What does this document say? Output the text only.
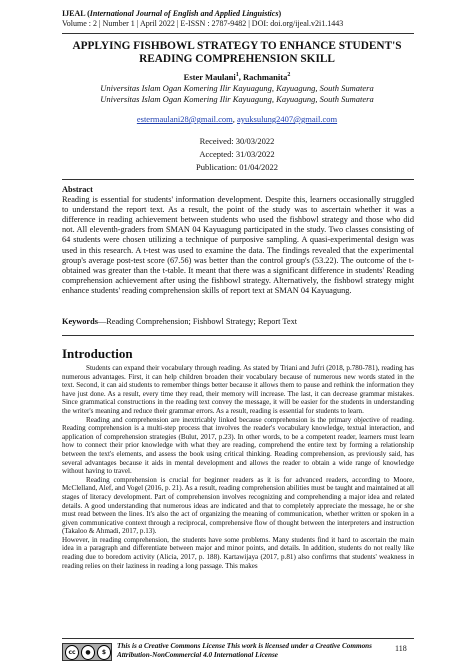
IJEAL (International Journal of English and Applied Linguistics)
Volume : 2 | Number 1 | April 2022 | E-ISSN : 2787-9482 | DOI: doi.org/ijeal.v2i1.1443
APPLYING FISHBOWL STRATEGY TO ENHANCE STUDENT'S
READING COMPREHENSION SKILL
Ester Maulani$^1$, Rachmanita$^2$
Universitas Islam Ogan Komering Ilir Kayuagung, Kayuagung, South Sumatera
Universitas Islam Ogan Komering Ilir Kayuagung, Kayuagung, South Sumatera
estermaulani28@gmail.com, ayuksulung2407@gmail.com
Received: 30/03/2022
Accepted: 31/03/2022
Publication: 01/04/2022
Abstract
Reading is essential for students' information development. Despite this, learners occasionally struggled to understand the report text. As a result, the point of the study was to ascertain whether it was a difference in reading achievement between students who used the fishbowl strategy and those who did not. All eleventh-graders from SMAN 04 Kayuagung participated in the study. Two classes consisting of 64 students were chosen utilizing a technique of purposive sampling. A quasi-experimental design was used in this research. A t-test was used to examine the data. The findings revealed that the experimental group's average post-test score (67.56) was better than the control group's (53.22). The outcome of the t-obtained was greater than the t-table. It meant that there was a significant difference in students' Reading comprehension achievement after using the fishbowl strategy. Alternatively, the fishbowl strategy might enhance students' reading comprehension skills of report text at SMAN 04 Kayuagung.
Keywords—Reading Comprehension; Fishbowl Strategy; Report Text
Introduction

Students can expand their vocabulary through reading. As stated by Triani and Jufri (2018, p.780-781), reading has numerous advantages. First, it can help children broaden their vocabulary because of numerous new words stated in the text. Second, it can aid students to remember things better because it allows them to pause and rethink the information they have just done. As a result, every time they read, their memory will increase. The last, it can decrease grammar mistakes. Since grammatical constructions in the reading text convey the message, it will be easier for the students in understanding the writer's meaning and reduce their grammar errors. As a result, reading is essential for students to learn.

Reading and comprehension are inextricably linked because comprehension is the primary objective of reading. Reading comprehension is a multi-step process that involves the reader's vocabulary knowledge, textual interaction, and application of comprehension strategies (Bulut, 2017, p.23). In other words, to be a competent reader, learners must learn how to connect their prior knowledge with what they are reading, comprehend the entire text by forming a relationship between the text's elements, and assess the book using critical thinking. Reading comprehension, as previously said, has several advantages because it aids in mental development and allows the reader to obtain a wide range of knowledge without having to travel.

Reading comprehension is crucial for beginner readers as it is for advanced readers, according to Moore, McClelland, Alef, and Vogel (2016, p. 21). As a result, reading comprehension abilities must be taught and maintained at all stages of literacy development. Part of comprehension involves recognizing and comprehending a major idea and related details. A good understanding that numerous ideas are indicated and that to completely appreciate the message, he or she must read between the lines. It's also the act of organizing the meaning of communication, whether written or spoken in a given communicative context through a reciprocal, comprehensive flow of thought between the interpreters and instruction (Takaloo & Ahmadi, 2017, p.13).

However, in reading comprehension, the students have some problems. Many students find it hard to ascertain the main idea in a paragraph and differentiate between major and minor points, and details. In addition, students do not really like reading due to boredom activity (Alicia, 2017, p. 188). Kartawijaya (2017, p.81) also confirms that students' weakness in reading relies on their laziness in reading a long passage. This makes

cc	●	$
This is a Creative Commons License This work is licensed under a Creative Commons
Attribution-NonCommercial 4.0 International License
118
